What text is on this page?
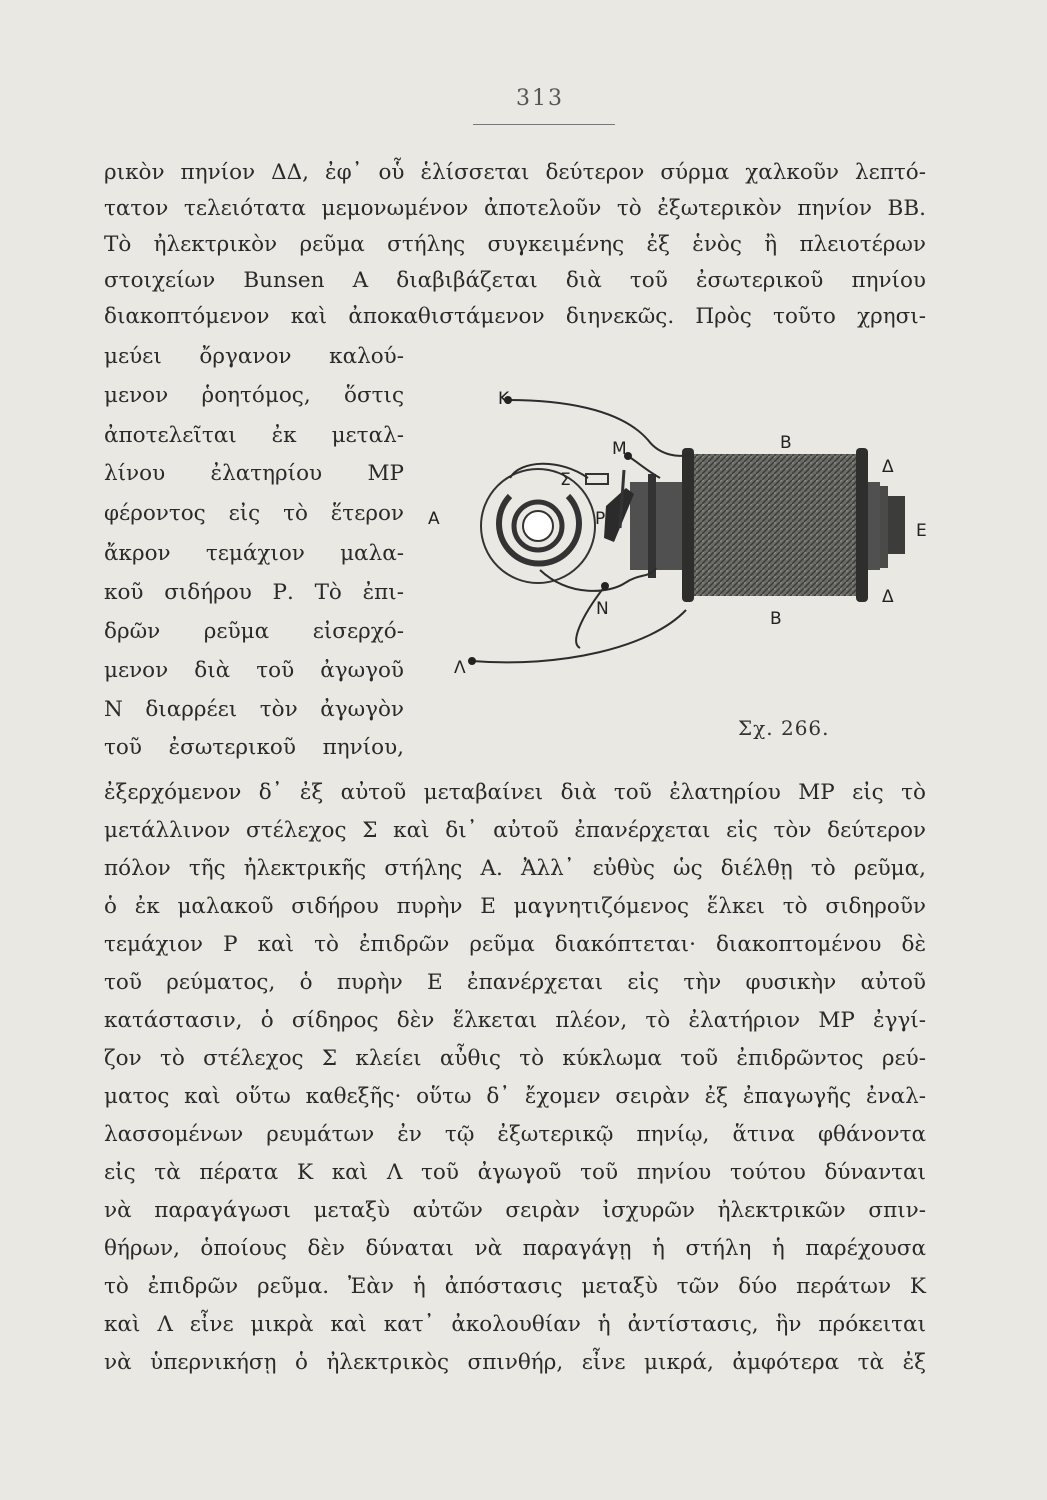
313
ρικὸν πηνίον ΔΔ, ἐφ᾽ οὗ ἑλίσσεται δεύτερον σύρμα χαλκοῦν λεπτό-
τατον τελειότατα μεμονωμένον ἀποτελοῦν τὸ ἐξωτερικὸν πηνίον ΒΒ.
Τὸ ἠλεκτρικὸν ρεῦμα στήλης συγκειμένης ἐξ ἑνὸς ἢ πλειοτέρων
στοιχείων Bunsen A διαβιβάζεται διὰ τοῦ ἐσωτερικοῦ πηνίου
διακοπτόμενον καὶ ἀποκαθιστάμενον διηνεκῶς. Πρὸς τοῦτο χρησι-
μεύει ὄργανον καλού-
μενον ῥοητόμος, ὅστις
ἀποτελεῖται ἐκ μεταλ-
λίνου ἐλατηρίου ΜΡ
φέροντος εἰς τὸ ἕτερον
ἄκρον τεμάχιον μαλα-
κοῦ σιδήρου Ρ. Τὸ ἐπι-
δρῶν ρεῦμα εἰσερχό-
μενον διὰ τοῦ ἀγωγοῦ
Ν διαρρέει τὸν ἀγωγὸν
τοῦ ἐσωτερικοῦ πηνίου,
ἐξερχόμενον δ᾽ ἐξ αὐτοῦ μεταβαίνει διὰ τοῦ ἐλατηρίου ΜΡ εἰς τὸ
μετάλλινον στέλεχος Σ καὶ δι᾽ αὐτοῦ ἐπανέρχεται εἰς τὸν δεύτερον
πόλον τῆς ἠλεκτρικῆς στήλης Α. Ἀλλ᾽ εὐθὺς ὡς διέλθῃ τὸ ρεῦμα,
ὁ ἐκ μαλακοῦ σιδήρου πυρὴν Ε μαγνητιζόμενος ἕλκει τὸ σιδηροῦν
τεμάχιον Ρ καὶ τὸ ἐπιδρῶν ρεῦμα διακόπτεται· διακοπτομένου δὲ
τοῦ ρεύματος, ὁ πυρὴν Ε ἐπανέρχεται εἰς τὴν φυσικὴν αὐτοῦ
κατάστασιν, ὁ σίδηρος δὲν ἕλκεται πλέον, τὸ ἐλατήριον ΜΡ ἐγγί-
ζον τὸ στέλεχος Σ κλείει αὖθις τὸ κύκλωμα τοῦ ἐπιδρῶντος ρεύ-
ματος καὶ οὕτω καθεξῆς· οὕτω δ᾽ ἔχομεν σειρὰν ἐξ ἐπαγωγῆς ἐναλ-
λασσομένων ρευμάτων ἐν τῷ ἐξωτερικῷ πηνίῳ, ἅτινα φθάνοντα
εἰς τὰ πέρατα Κ καὶ Λ τοῦ ἀγωγοῦ τοῦ πηνίου τούτου δύνανται
νὰ παραγάγωσι μεταξὺ αὐτῶν σειρὰν ἰσχυρῶν ἠλεκτρικῶν σπιν-
θήρων, ὁποίους δὲν δύναται νὰ παραγάγῃ ἡ στήλη ἡ παρέχουσα
τὸ ἐπιδρῶν ρεῦμα. Ἐὰν ἡ ἀπόστασις μεταξὺ τῶν δύο περάτων Κ
καὶ Λ εἶνε μικρὰ καὶ κατ᾽ ἀκολουθίαν ἡ ἀντίστασις, ἣν πρόκειται
νὰ ὑπερνικήσῃ ὁ ἠλεκτρικὸς σπινθήρ, εἶνε μικρά, ἀμφότερα τὰ ἐξ
K
M	B
Δ
Σ
A	P
E
N	B
Δ
Λ
Σχ. 266.
